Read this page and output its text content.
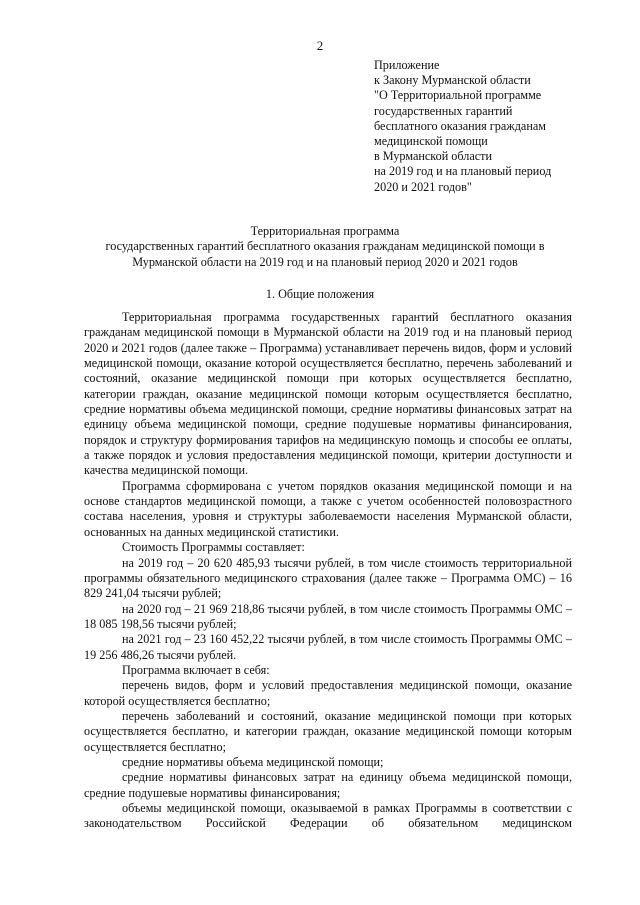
2
Приложение
к Закону Мурманской области
"О Территориальной программе
государственных гарантий
бесплатного оказания гражданам
медицинской помощи
в Мурманской области
на 2019 год и на плановый период
2020 и 2021 годов"
Территориальная программа
государственных гарантий бесплатного оказания гражданам медицинской помощи в
Мурманской области на 2019 год и на плановый период 2020 и 2021 годов
1. Общие положения

Территориальная программа государственных гарантий бесплатного оказания гражданам медицинской помощи в Мурманской области на 2019 год и на плановый период 2020 и 2021 годов (далее также – Программа) устанавливает перечень видов, форм и условий медицинской помощи, оказание которой осуществляется бесплатно, перечень заболеваний и состояний, оказание медицинской помощи при которых осуществляется бесплатно, категории граждан, оказание медицинской помощи которым осуществляется бесплатно, средние нормативы объема медицинской помощи, средние нормативы финансовых затрат на единицу объема медицинской помощи, средние подушевые нормативы финансирования, порядок и структуру формирования тарифов на медицинскую помощь и способы ее оплаты, а также порядок и условия предоставления медицинской помощи, критерии доступности и качества медицинской помощи.

Программа сформирована с учетом порядков оказания медицинской помощи и на основе стандартов медицинской помощи, а также с учетом особенностей половозрастного состава населения, уровня и структуры заболеваемости населения Мурманской области, основанных на данных медицинской статистики.

Стоимость Программы составляет:

на 2019 год – 20 620 485,93 тысячи рублей, в том числе стоимость территориальной программы обязательного медицинского страхования (далее также – Программа ОМС) – 16 829 241,04 тысячи рублей;

на 2020 год – 21 969 218,86 тысячи рублей, в том числе стоимость Программы ОМС –18 085 198,56 тысячи рублей;

на 2021 год – 23 160 452,22 тысячи рублей, в том числе стоимость Программы ОМС – 19 256 486,26 тысячи рублей.

Программа включает в себя:

перечень видов, форм и условий предоставления медицинской помощи, оказание которой осуществляется бесплатно;

перечень заболеваний и состояний, оказание медицинской помощи при которых осуществляется бесплатно, и категории граждан, оказание медицинской помощи которым осуществляется бесплатно;

средние нормативы объема медицинской помощи;

средние нормативы финансовых затрат на единицу объема медицинской помощи, средние подушевые нормативы финансирования;

объемы медицинской помощи, оказываемой в рамках Программы в соответствии с законодательством Российской Федерации об обязательном медицинском
